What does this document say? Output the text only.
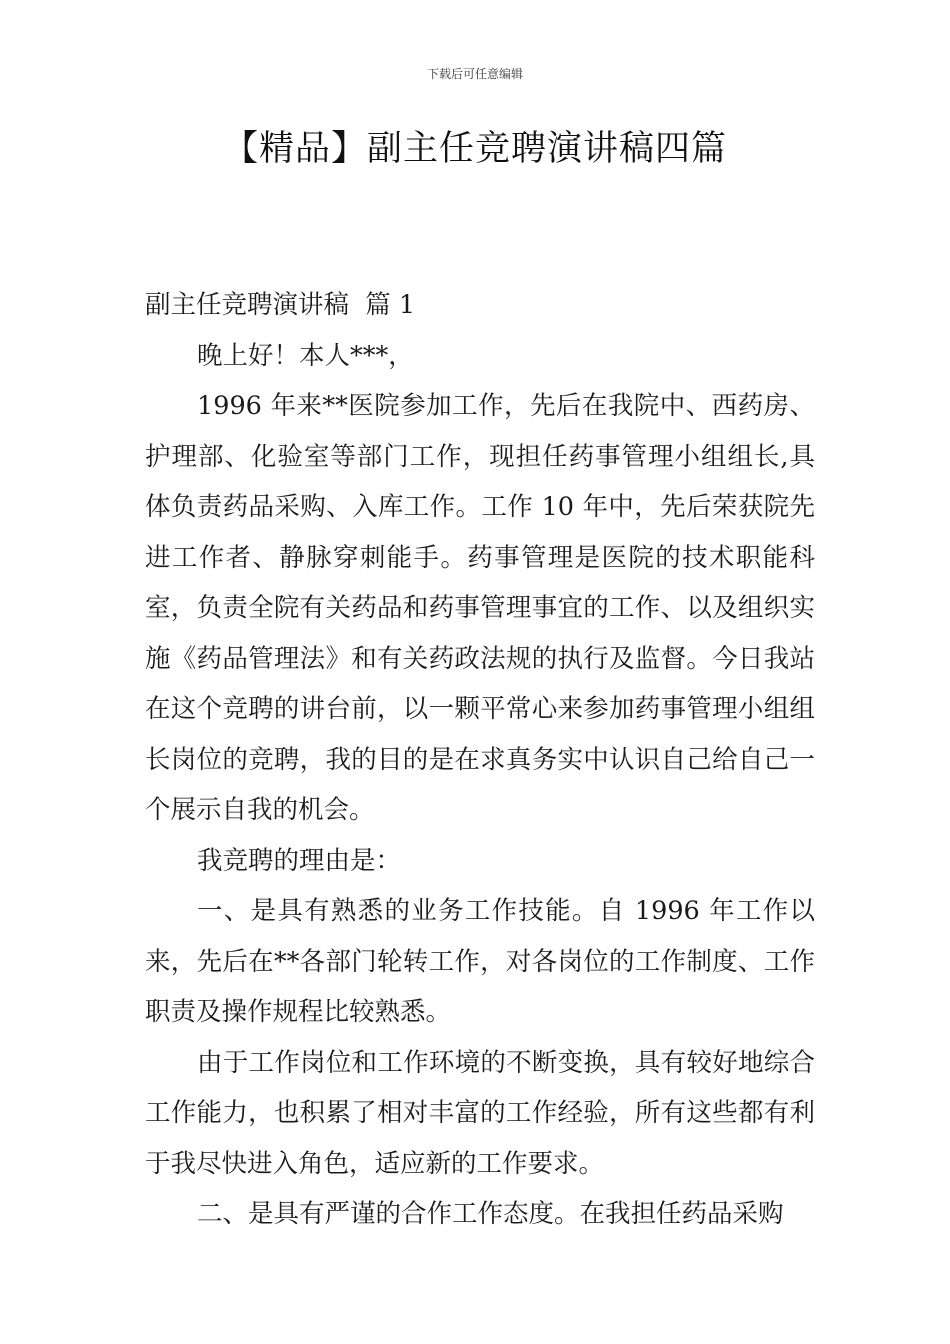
下载后可任意编辑
【精品】副主任竞聘演讲稿四篇

副主任竞聘演讲稿  篇 1

晚上好！本人***，

1996 年来**医院参加工作，先后在我院中、西药房、护理部、化验室等部门工作，现担任药事管理小组组长,具体负责药品采购、入库工作。工作 10 年中，先后荣获院先进工作者、静脉穿刺能手。药事管理是医院的技术职能科室，负责全院有关药品和药事管理事宜的工作、以及组织实施《药品管理法》和有关药政法规的执行及监督。今日我站在这个竞聘的讲台前，以一颗平常心来参加药事管理小组组长岗位的竞聘，我的目的是在求真务实中认识自己给自己一个展示自我的机会。

我竞聘的理由是：

一、是具有熟悉的业务工作技能。自 1996 年工作以来，先后在**各部门轮转工作，对各岗位的工作制度、工作职责及操作规程比较熟悉。

由于工作岗位和工作环境的不断变换，具有较好地综合工作能力，也积累了相对丰富的工作经验，所有这些都有利于我尽快进入角色，适应新的工作要求。

二、是具有严谨的合作工作态度。在我担任药品采购
